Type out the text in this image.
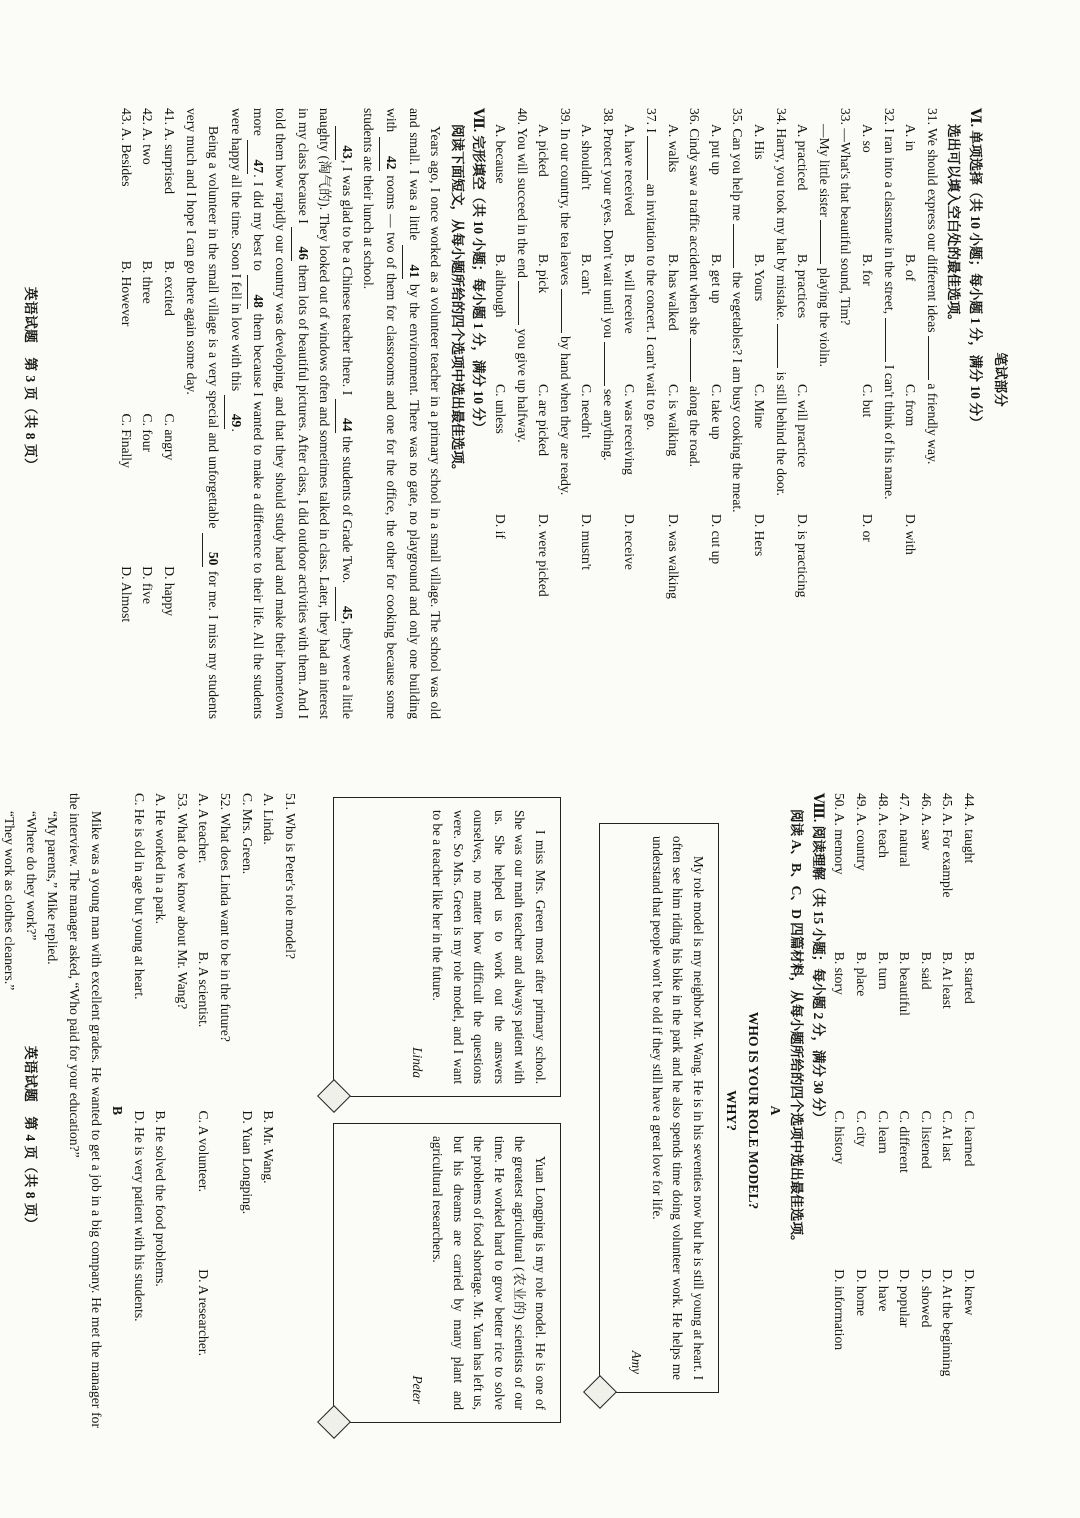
笔试部分
Ⅵ. 单项选择（共 10 小题；每小题 1 分，满分 10 分）
选出可以填入空白处的最佳选项。
31. We should express our different ideas  a friendly way.
A. in
B. of
C. from
D. with
32. I ran into a classmate in the street,  I can't think of his name.
A. so
B. for
C. but
D. or
33. —What's that beautiful sound, Tim?
—My little sister  playing the violin.
A. practiced
B. practices
C. will practice
D. is practicing
34. Harry, you took my hat by mistake.  is still behind the door.
A. His
B. Yours
C. Mine
D. Hers
35. Can you help me  the vegetables? I am busy cooking the meat.
A. put up
B. get up
C. take up
D. cut up
36. Cindy saw a traffic accident when she  along the road.
A. walks
B. has walked
C. is walking
D. was walking
37. I  an invitation to the concert. I can't wait to go.
A. have received
B. will receive
C. was receiving
D. receive
38. Protect your eyes. Don't wait until you  see anything.
A. shouldn't
B. can't
C. needn't
D. mustn't
39. In our country, the tea leaves  by hand when they are ready.
A. picked
B. pick
C. are picked
D. were picked
40. You will succeed in the end  you give up halfway.
A. because
B. although
C. unless
D. if
Ⅶ. 完形填空（共 10 小题；每小题 1 分，满分 10 分）
阅读下面短文，从每小题所给的四个选项中选出最佳选项。
Years ago, I once worked as a volunteer teacher in a primary school in a small village. The school was old and small. I was a little 41 by the environment. There was no gate, no playground and only one building with 42 rooms — two of them for classrooms and one for the office, the other for cooking because some students ate their lunch at school.
43, I was glad to be a Chinese teacher there. I 44 the students of Grade Two. 45, they were a little naughty (淘气的). They looked out of windows often and sometimes talked in class. Later, they had an interest in my class because I 46 them lots of beautiful pictures. After class, I did outdoor activities with them. And I told them how rapidly our country was developing, and that they should study hard and make their hometown more 47. I did my best to 48 them because I wanted to make a difference to their life. All the students were happy all the time. Soon I fell in love with this 49.
Being a volunteer in the small village is a very special and unforgettable 50 for me. I miss my students very much and I hope I can go there again some day.
41. A. surprised
B. excited
C. angry
D. happy
42. A. two
B. three
C. four
D. five
43. A. Besides
B. However
C. Finally
D. Almost
英语试题　第 3 页（共 8 页）
44. A. taught
B. started
C. learned
D. knew
45. A. For example
B. At least
C. At last
D. At the beginning
46. A. saw
B. said
C. listened
D. showed
47. A. natural
B. beautiful
C. different
D. popular
48. A. teach
B. turn
C. learn
D. have
49. A. country
B. place
C. city
D. home
50. A. memory
B. story
C. history
D. information
Ⅷ. 阅读理解（共 15 小题；每小题 2 分，满分 30 分）
阅读 A、B、C、D 四篇材料，从每小题所给的四个选项中选出最佳选项。
A
WHO IS YOUR ROLE MODEL?
WHY?
My role model is my neighbor Mr. Wang. He is in his seventies now but he is still young at heart. I often see him riding his bike in the park and he also spends time doing volunteer work. He helps me understand that people won't be old if they still have a great love for life.
Amy
I miss Mrs. Green most after primary school. She was our math teacher and always patient with us. She helped us to work out the answers ourselves, no matter how difficult the questions were. So Mrs. Green is my role model, and I want to be a teacher like her in the future.
Linda
Yuan Longping is my role model. He is one of the greatest agricultural (农业的) scientists of our time. He worked hard to grow better rice to solve the problems of food shortage. Mr. Yuan has left us, but his dreams are carried by many plant and agricultural researchers.
Peter
51. Who is Peter's role model?
A. Linda.
B. Mr. Wang.
C. Mrs. Green.
D. Yuan Longping.
52. What does Linda want to be in the future?
A. A teacher.
B. A scientist.
C. A volunteer.
D. A researcher.
53. What do we know about Mr. Wang?
A. He worked in a park.
B. He solved the food problems.
C. He is old in age but young at heart.
D. He is very patient with his students.
B
Mike was a young man with excellent grades. He wanted to get a job in a big company. He met the manager for the interview. The manager asked, “Who paid for your education?”
“My parents,” Mike replied.
“Where do they work?”
“They work as clothes cleaners.”
英语试题　第 4 页（共 8 页）
